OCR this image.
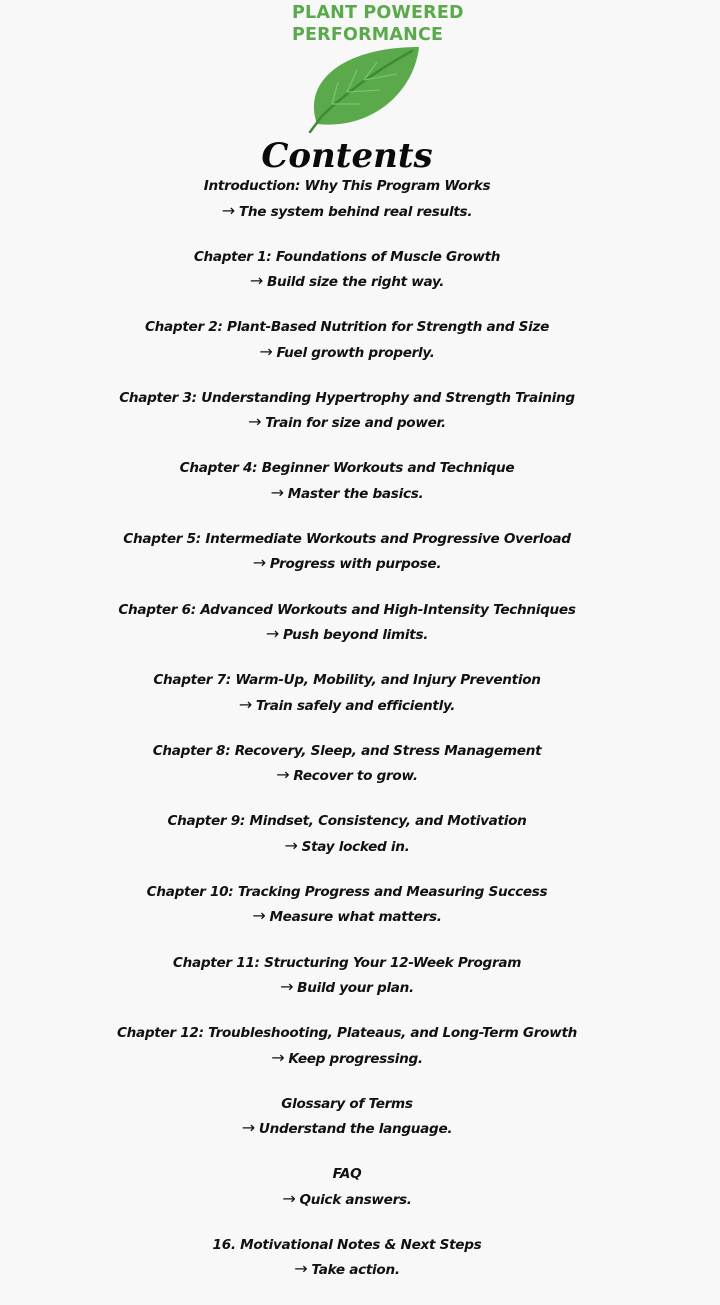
PLANT POWERED
PERFORMANCE
Contents
Introduction: Why This Program Works
→ The system behind real results.
Chapter 1: Foundations of Muscle Growth
→ Build size the right way.
Chapter 2: Plant-Based Nutrition for Strength and Size
→ Fuel growth properly.
Chapter 3: Understanding Hypertrophy and Strength Training
→ Train for size and power.
Chapter 4: Beginner Workouts and Technique
→ Master the basics.
Chapter 5: Intermediate Workouts and Progressive Overload
→ Progress with purpose.
Chapter 6: Advanced Workouts and High-Intensity Techniques
→ Push beyond limits.
Chapter 7: Warm-Up, Mobility, and Injury Prevention
→ Train safely and efficiently.
Chapter 8: Recovery, Sleep, and Stress Management
→ Recover to grow.
Chapter 9: Mindset, Consistency, and Motivation
→ Stay locked in.
Chapter 10: Tracking Progress and Measuring Success
→ Measure what matters.
Chapter 11: Structuring Your 12-Week Program
→ Build your plan.
Chapter 12: Troubleshooting, Plateaus, and Long-Term Growth
→ Keep progressing.
Glossary of Terms
→ Understand the language.
FAQ
→ Quick answers.
16. Motivational Notes & Next Steps
→ Take action.
